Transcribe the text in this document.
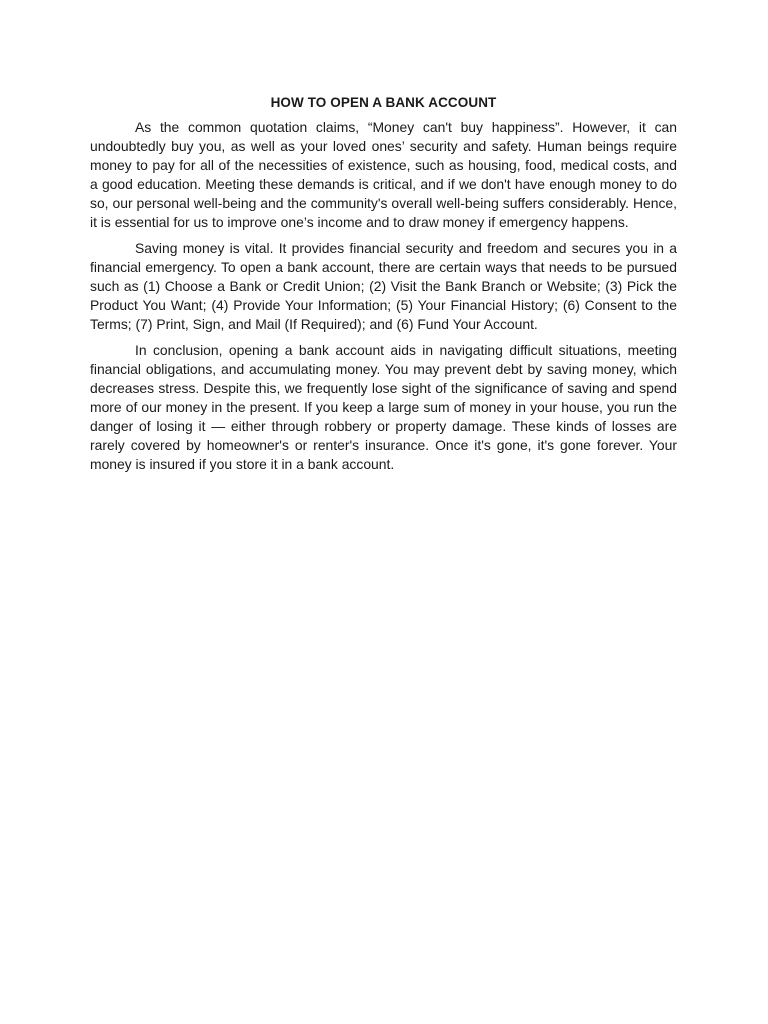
HOW TO OPEN A BANK ACCOUNT

As the common quotation claims, “Money can't buy happiness”. However, it can undoubtedly buy you, as well as your loved ones’ security and safety. Human beings require money to pay for all of the necessities of existence, such as housing, food, medical costs, and a good education. Meeting these demands is critical, and if we don't have enough money to do so, our personal well-being and the community's overall well-being suffers considerably. Hence, it is essential for us to improve one’s income and to draw money if emergency happens.

Saving money is vital. It provides financial security and freedom and secures you in a financial emergency. To open a bank account, there are certain ways that needs to be pursued such as (1) Choose a Bank or Credit Union; (2) Visit the Bank Branch or Website; (3) Pick the Product You Want; (4) Provide Your Information; (5) Your Financial History; (6) Consent to the Terms; (7) Print, Sign, and Mail (If Required); and (6) Fund Your Account.

In conclusion, opening a bank account aids in navigating difficult situations, meeting financial obligations, and accumulating money. You may prevent debt by saving money, which decreases stress. Despite this, we frequently lose sight of the significance of saving and spend more of our money in the present. If you keep a large sum of money in your house, you run the danger of losing it — either through robbery or property damage. These kinds of losses are rarely covered by homeowner's or renter's insurance. Once it's gone, it's gone forever. Your money is insured if you store it in a bank account.
